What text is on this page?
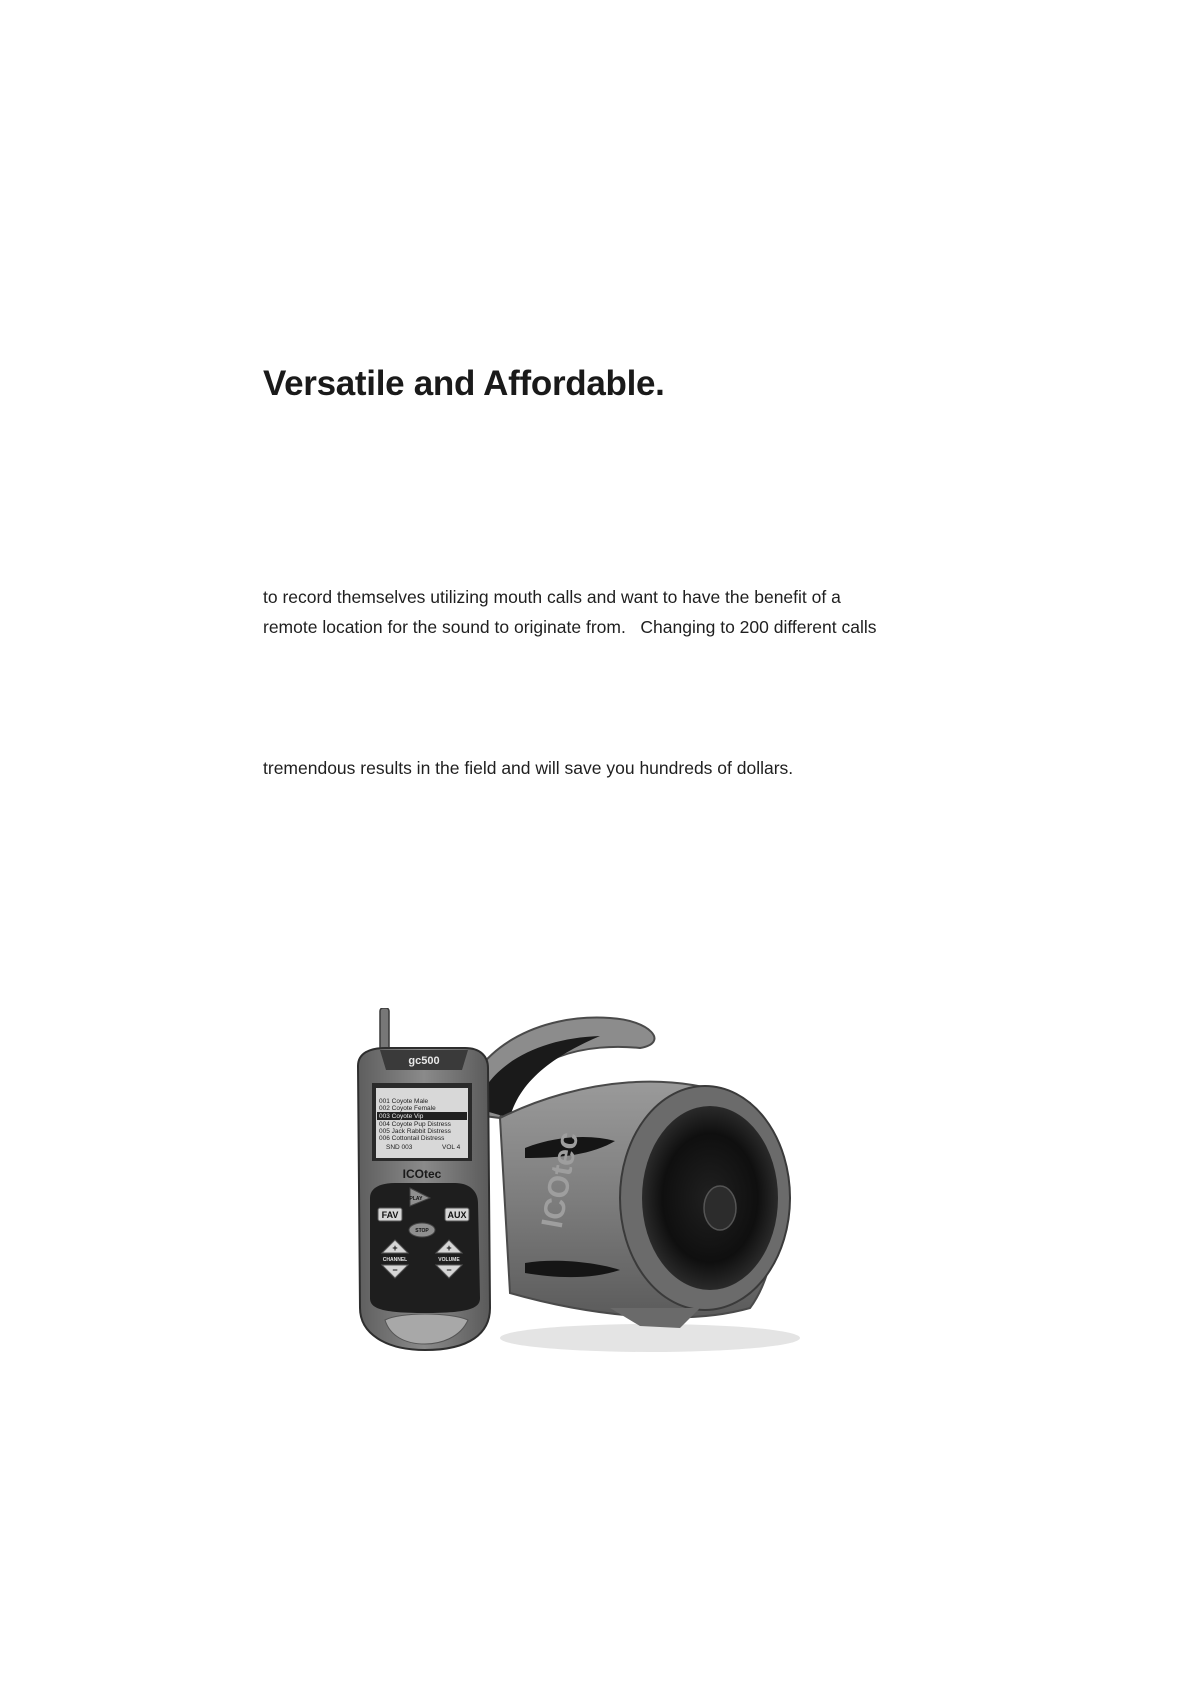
Versatile and Affordable.

to record themselves utilizing mouth calls and want to have the benefit of a
remote location for the sound to originate from.   Changing to 200 different calls

tremendous results in the field and will save you hundreds of dollars.

ICOtec
gc500
001 Coyote Male
002 Coyote Female
003 Coyote Vip
004 Coyote Pup Distress
005 Jack Rabbit Distress
006 Cottontail Distress
SND 003	VOL 4
ICOtec
PLAY
FAV	AUX
STOP
+
CHANNEL
−
+
VOLUME
−
